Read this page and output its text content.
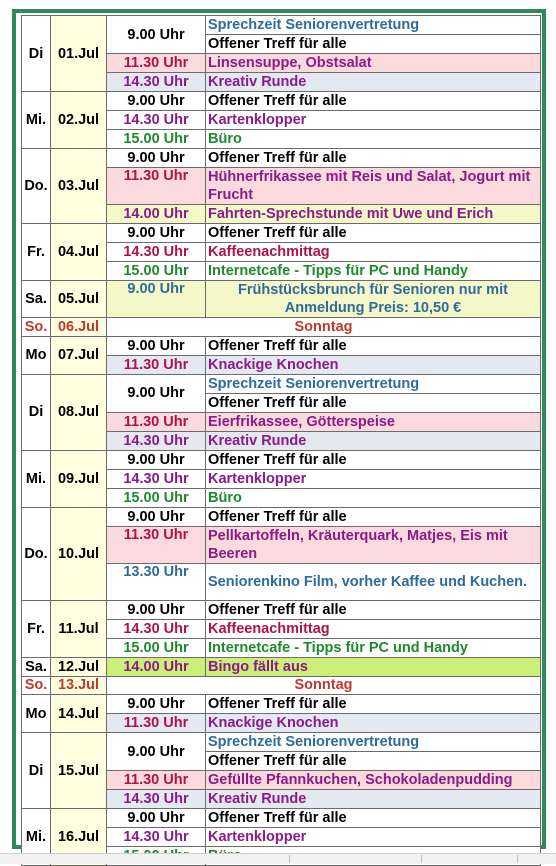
Di	01.Jul	9.00 Uhr	Sprechzeit Seniorenvertretung
			Offener Treff für alle
		11.30 Uhr	Linsensuppe, Obstsalat
		14.30 Uhr	Kreativ Runde
Mi.	02.Jul	9.00 Uhr	Offener Treff für alle
		14.30 Uhr	Kartenklopper
		15.00 Uhr	Büro
Do.	03.Jul	9.00 Uhr	Offener Treff für alle
		11.30 Uhr	Hühnerfrikassee mit Reis und Salat, Jogurt mit Frucht
		14.00 Uhr	Fahrten-Sprechstunde mit Uwe und Erich
Fr.	04.Jul	9.00 Uhr	Offener Treff für alle
		14.30 Uhr	Kaffeenachmittag
		15.00 Uhr	Internetcafe - Tipps für PC und Handy
Sa.	05.Jul	9.00 Uhr	Frühstücksbrunch für Senioren nur mit Anmeldung Preis: 10,50 €
So.	06.Jul	Sonntag	
Mo	07.Jul	9.00 Uhr	Offener Treff für alle
		11.30 Uhr	Knackige Knochen
Di	08.Jul	9.00 Uhr	Sprechzeit Seniorenvertretung
			Offener Treff für alle
		11.30 Uhr	Eierfrikassee, Götterspeise
		14.30 Uhr	Kreativ Runde
Mi.	09.Jul	9.00 Uhr	Offener Treff für alle
		14.30 Uhr	Kartenklopper
		15.00 Uhr	Büro
Do.	10.Jul	9.00 Uhr	Offener Treff für alle
		11.30 Uhr	Pellkartoffeln, Kräuterquark, Matjes, Eis mit Beeren
		13.30 Uhr	Seniorenkino Film, vorher Kaffee und Kuchen.
Fr.	11.Jul	9.00 Uhr	Offener Treff für alle
		14.30 Uhr	Kaffeenachmittag
		15.00 Uhr	Internetcafe - Tipps für PC und Handy
Sa.	12.Jul	14.00 Uhr	Bingo fällt aus
So.	13.Jul	Sonntag	
Mo	14.Jul	9.00 Uhr	Offener Treff für alle
		11.30 Uhr	Knackige Knochen
Di	15.Jul	9.00 Uhr	Sprechzeit Seniorenvertretung
			Offener Treff für alle
		11.30 Uhr	Gefüllte Pfannkuchen, Schokoladenpudding
		14.30 Uhr	Kreativ Runde
Mi.	16.Jul	9.00 Uhr	Offener Treff für alle
		14.30 Uhr	Kartenklopper
